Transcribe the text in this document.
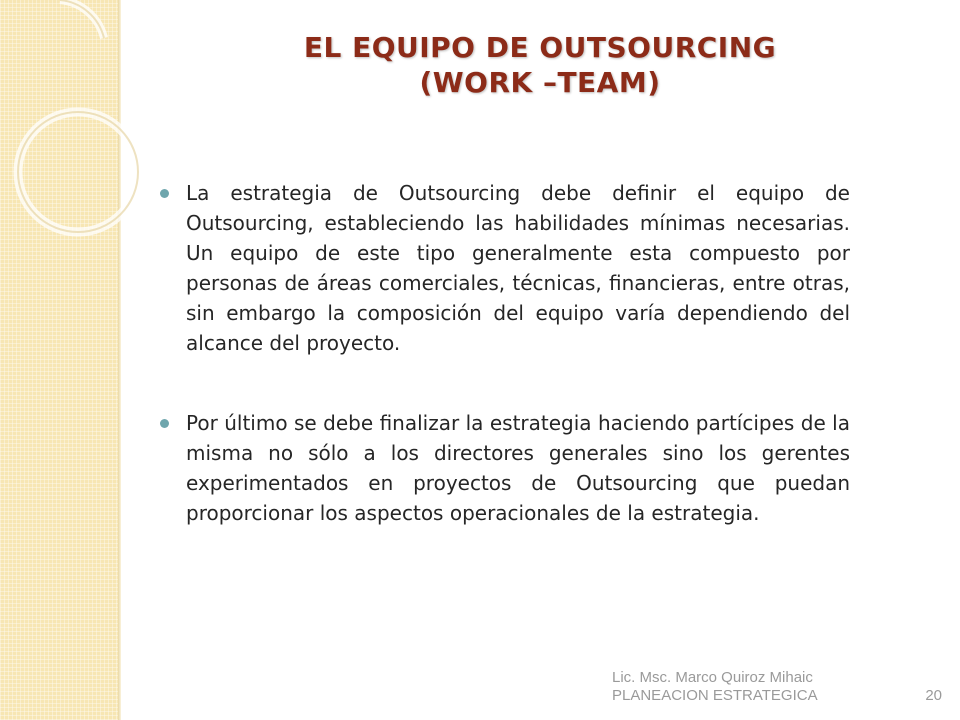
EL EQUIPO DE OUTSOURCING
(WORK –TEAM)
La estrategia de Outsourcing debe definir el equipo de Outsourcing, estableciendo las habilidades mínimas necesarias. Un equipo de este tipo generalmente esta compuesto por personas de áreas comerciales, técnicas, financieras, entre otras, sin embargo la composición del equipo varía dependiendo del alcance del proyecto.
Por último se debe finalizar la estrategia haciendo partícipes de la misma no sólo a los directores generales sino los gerentes experimentados en proyectos de Outsourcing que puedan proporcionar los aspectos operacionales de la estrategia.
Lic. Msc. Marco Quiroz Mihaic
PLANEACION ESTRATEGICA	20
